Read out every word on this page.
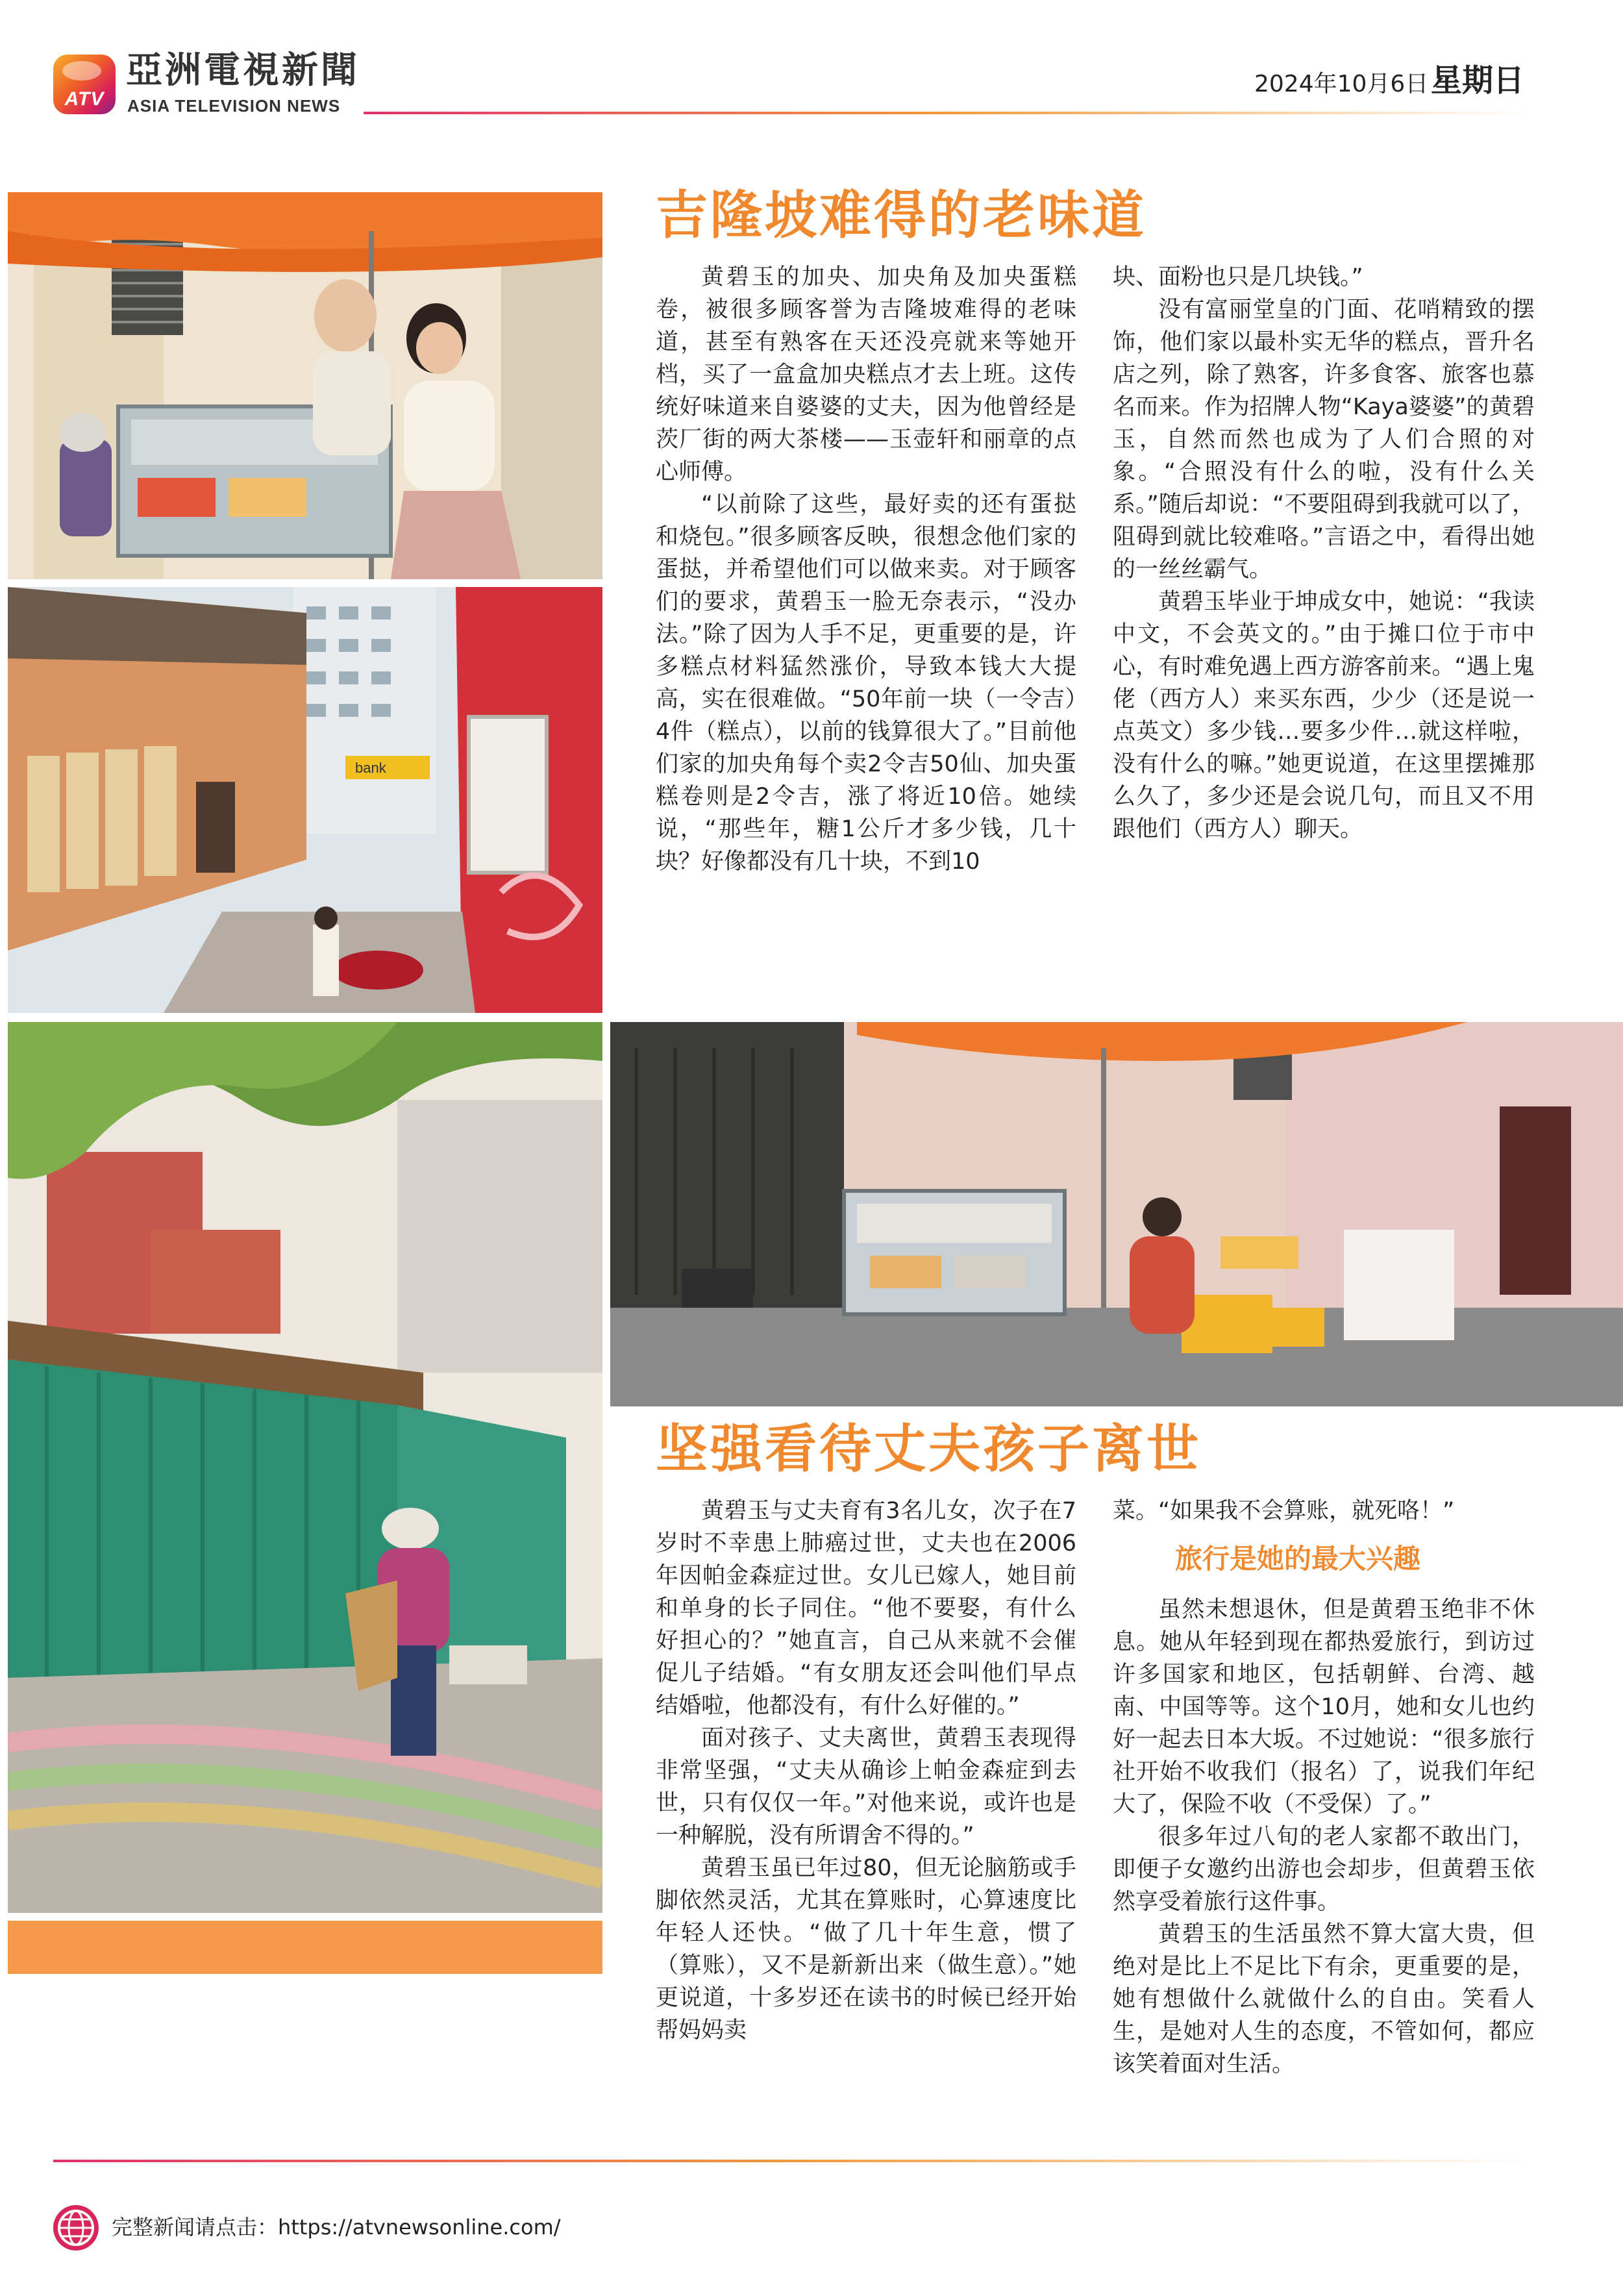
ATV
亞洲電視新聞
ASIA TELEVISION NEWS
2024年10月6日 星期日
bank
吉隆坡难得的老味道

黄碧玉的加央、加央角及加央蛋糕卷，被很多顾客誉为吉隆坡难得的老味道，甚至有熟客在天还没亮就来等她开档，买了一盒盒加央糕点才去上班。这传统好味道来自婆婆的丈夫，因为他曾经是茨厂街的两大茶楼——玉壶轩和丽章的点心师傅。

“以前除了这些，最好卖的还有蛋挞和烧包。”很多顾客反映，很想念他们家的蛋挞，并希望他们可以做来卖。对于顾客们的要求，黄碧玉一脸无奈表示，“没办法。”除了因为人手不足，更重要的是，许多糕点材料猛然涨价，导致本钱大大提高，实在很难做。“50年前一块（一令吉）4件（糕点），以前的钱算很大了。”目前他们家的加央角每个卖2令吉50仙、加央蛋糕卷则是2令吉，涨了将近10倍。她续说，“那些年，糖1公斤才多少钱，几十块？好像都没有几十块，不到10

块、面粉也只是几块钱。”

没有富丽堂皇的门面、花哨精致的摆饰，他们家以最朴实无华的糕点，晋升名店之列，除了熟客，许多食客、旅客也慕名而来。作为招牌人物“Kaya婆婆”的黄碧玉，自然而然也成为了人们合照的对象。“合照没有什么的啦，没有什么关系。”随后却说：“不要阻碍到我就可以了，阻碍到就比较难咯。”言语之中，看得出她的一丝丝霸气。

黄碧玉毕业于坤成女中，她说：“我读中文，不会英文的。”由于摊口位于市中心，有时难免遇上西方游客前来。“遇上鬼佬（西方人）来买东西，少少（还是说一点英文）多少钱…要多少件…就这样啦，没有什么的嘛。”她更说道，在这里摆摊那么久了，多少还是会说几句，而且又不用跟他们（西方人）聊天。

坚强看待丈夫孩子离世

黄碧玉与丈夫育有3名儿女，次子在7岁时不幸患上肺癌过世，丈夫也在2006年因帕金森症过世。女儿已嫁人，她目前和单身的长子同住。“他不要娶，有什么好担心的？”她直言，自己从来就不会催促儿子结婚。“有女朋友还会叫他们早点结婚啦，他都没有，有什么好催的。”

面对孩子、丈夫离世，黄碧玉表现得非常坚强，“丈夫从确诊上帕金森症到去世，只有仅仅一年。”对他来说，或许也是一种解脱，没有所谓舍不得的。”

黄碧玉虽已年过80，但无论脑筋或手脚依然灵活，尤其在算账时，心算速度比年轻人还快。“做了几十年生意，惯了（算账），又不是新新出来（做生意）。”她更说道，十多岁还在读书的时候已经开始帮妈妈卖

菜。“如果我不会算账，就死咯！”

旅行是她的最大兴趣

虽然未想退休，但是黄碧玉绝非不休息。她从年轻到现在都热爱旅行，到访过许多国家和地区，包括朝鲜、台湾、越南、中国等等。这个10月，她和女儿也约好一起去日本大坂。不过她说：“很多旅行社开始不收我们（报名）了，说我们年纪大了，保险不收（不受保）了。”

很多年过八旬的老人家都不敢出门，即便子女邀约出游也会却步，但黄碧玉依然享受着旅行这件事。

黄碧玉的生活虽然不算大富大贵，但绝对是比上不足比下有余，更重要的是，她有想做什么就做什么的自由。笑看人生，是她对人生的态度，不管如何，都应该笑着面对生活。

完整新闻请点击：https://atvnewsonline.com/
